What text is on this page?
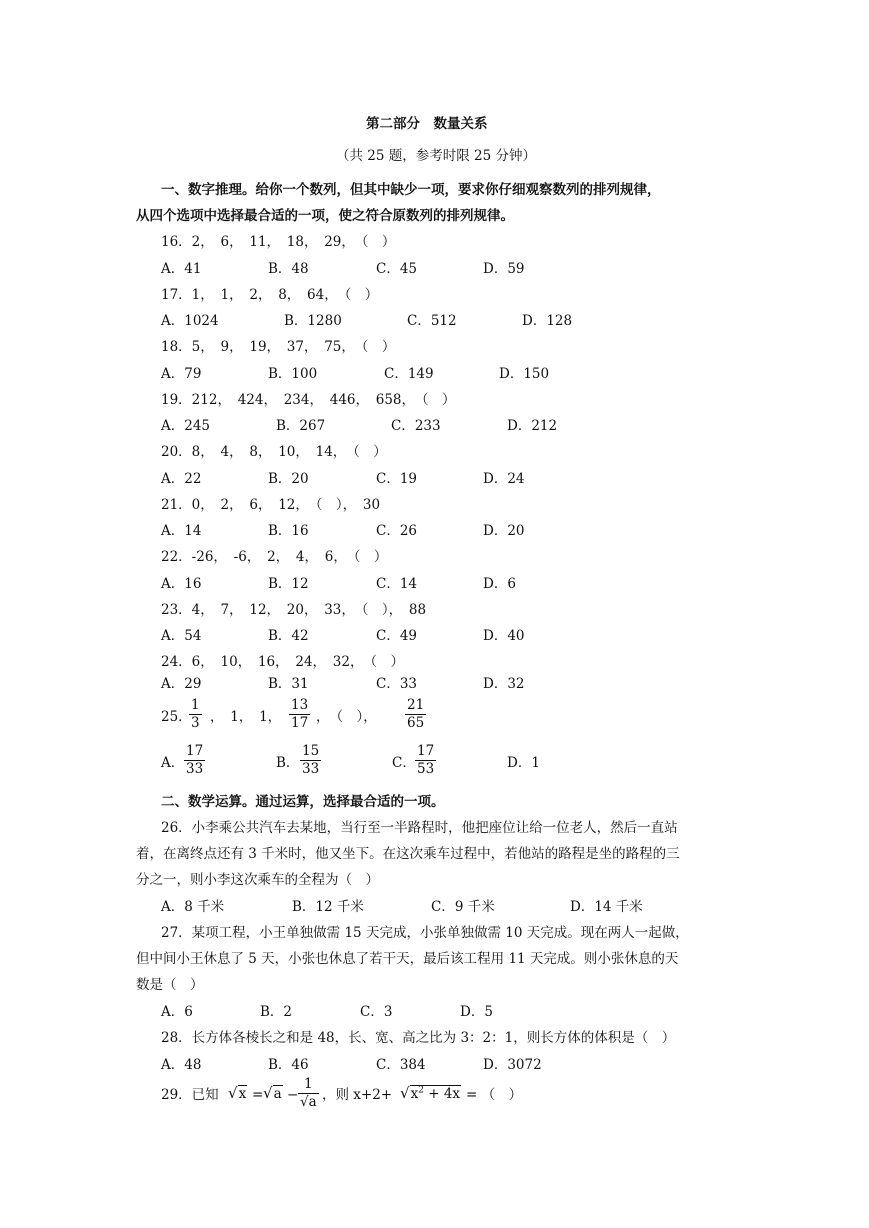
第二部分　数量关系
（共 25 题，参考时限 25 分钟）
一、数字推理。给你一个数列，但其中缺少一项，要求你仔细观察数列的排列规律，
从四个选项中选择最合适的一项，使之符合原数列的排列规律。
16．2，　6，　11，　18，　29，　（　）
A．41	B．48	C．45	D．59
17．1，　1，　2，　8，　64，　（　）
A．1024	B．1280	C．512	D．128
18．5，　9，　19，　37，　75，　（　）
A．79	B．100	C．149	D．150
19．212，　424，　234，　446，　658，　（　）
A．245	B．267	C．233	D．212
20．8，　4，　8，　10，　14，　（　）
A．22	B．20	C．19	D．24
21．0，　2，　6，　12，　（　），　30
A．14	B．16	C．26	D．20
22．-26，　-6，　2，　4，　6，　（　）
A．16	B．12	C．14	D．6
23．4，　7，　12，　20，　33，　（　），　88
A．54	B．42	C．49	D．40
24．6，　10，　16，　24，　32，　（　）
A．29	B．31	C．33	D．32
25．
$\frac{1}{3}$ ，　1，　1， $\frac{13}{17}$ ，　（　）， $\frac{21}{65}$
A． $\frac{17}{33}$	B． $\frac{15}{33}$	C． $\frac{17}{53}$	D．1
二、数学运算。通过运算，选择最合适的一项。
26．小李乘公共汽车去某地，当行至一半路程时，他把座位让给一位老人，然后一直站
着，在离终点还有 3 千米时，他又坐下。在这次乘车过程中，若他站的路程是坐的路程的三
分之一，则小李这次乘车的全程为（　）
A．8 千米	B．12 千米	C．9 千米	D．14 千米
27．某项工程，小王单独做需 15 天完成，小张单独做需 10 天完成。现在两人一起做，
但中间小王休息了 5 天，小张也休息了若干天，最后该工程用 11 天完成。则小张休息的天
数是（　）
A．6	B．2	C．3	D．5
28．长方体各棱长之和是 48，长、宽、高之比为 3：2：1，则长方体的体积是（　）
A．48	B．46	C．384	D．3072
29．已知 $√x = √a - \frac{1}{√a}$ ，则 $x+2+ √x^2 + 4x$ = （　）
